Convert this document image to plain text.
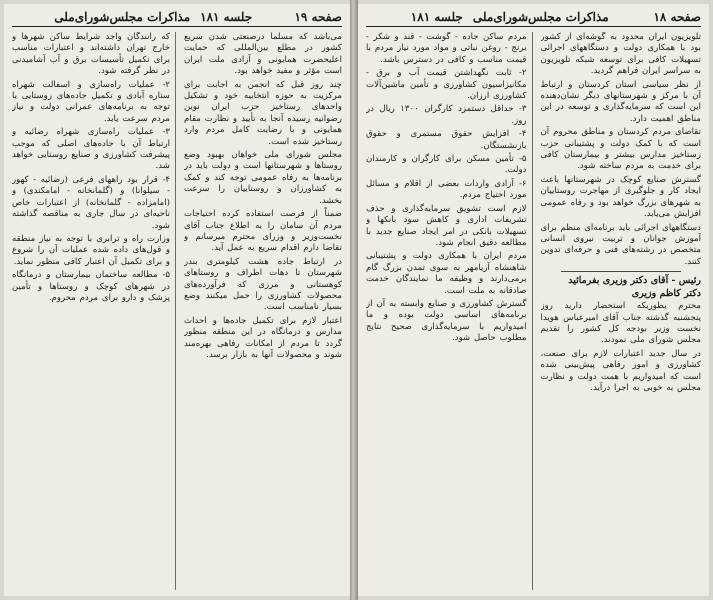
صفحه ۱۹
جلسه ۱۸۱
مذاکرات مجلس‌شورای‌ملی

می‌باشد که مسلماً درصنعتی شدن سریع کشور در مطلع بین‌المللی که حمایت اعلیحضرت همایونی و آزادی ملت ایران است مؤثر و مفید خواهد بود.

چند روز قبل که انجمن به اجابت برای مرکزیت به حوزه انتخابیه خود و تشکیل واحدهای رستاخیز حزب ایران نوین رضوانیه رسیده آنجا به تأیید و نظارت مقام همایونی و با رضایت کامل مردم وارد رستاخیز شده است.

مجلس شورای ملی خواهان بهبود وضع روستاها و شهرستانها است و دولت باید در برنامه‌ها به رفاه عمومی توجه کند و کمک به کشاورزان و روستاییان را سرعت بخشد.

ضمناً از فرصت استفاده کرده احتیاجات مردم آن سامان را به اطلاع جناب آقای نخست‌وزیر و وزرای محترم میرسانم و تقاضا دارم اقدام سریع به عمل آید.

در ارتباط جاده هشت کیلومتری بندر شهرستان تا دهات اطراف و روستاهای کوهستانی و مرزی که فرآورده‌های محصولات کشاورزی را حمل میکنند وضع بسیار نامناسب است.

اعتبار لازم برای تکمیل جاده‌ها و احداث مدارس و درمانگاه در این منطقه منظور گردد تا مردم از امکانات رفاهی بهره‌مند شوند و محصولات آنها به بازار برسد.

که رانندگان واجد شرایط ساکن شهرها و خارج تهران داشته‌اند و اعتبارات مناسب برای تکمیل تأسیسات برق و آب آشامیدنی در نظر گرفته شود.

۲- عملیات راه‌سازی و اسفالت شهراه ستاره آبادی و تکمیل جاده‌های روستایی با توجه به برنامه‌های عمرانی دولت و نیاز مردم سرعت یابد.

۳- عملیات راه‌سازی شهراه رضائیه و ارتباط آن با جاده‌های اصلی که موجب پیشرفت کشاورزی و صنایع روستایی خواهد شد.

۴- قرار بود راههای فرعی (رضائیه - کهور - سیلوانا) و (گلمانخانه - امامکندی) و (امامزاده - گلمانخانه) از اعتبارات خاص ناحیه‌ای در سال جاری به مناقصه گذاشته شود.

وزارت راه و ترابری با توجه به نیاز منطقه و قول‌های داده شده عملیات آن را شروع و برای تکمیل آن اعتبار کافی منظور نماید.

۵- مطالعه ساختمان بیمارستان و درمانگاه در شهرهای کوچک و روستاها و تأمین پزشک و دارو برای مردم محروم.

صفحه ۱۸
مذاکرات مجلس‌شورای‌ملی
جلسه ۱۸۱

تلویزیون ایران محدود به گوشه‌ای از کشور بود با همکاری دولت و دستگاههای اجرائی تسهیلات کافی برای توسعه شبکه تلویزیون به سراسر ایران فراهم گردید.

از نظر سیاسی استان کردستان و ارتباط آن با مرکز و شهرستانهای دیگر نشان‌دهنده این است که سرمایه‌گذاری و توسعه در این مناطق اهمیت دارد.

تقاضای مردم کردستان و مناطق محروم آن است که با کمک دولت و پشتیبانی حزب رستاخیز مدارس بیشتر و بیمارستان کافی برای خدمت به مردم ساخته شود.

گسترش صنایع کوچک در شهرستانها باعث ایجاد کار و جلوگیری از مهاجرت روستاییان به شهرهای بزرگ خواهد بود و رفاه عمومی افزایش می‌یابد.

دستگاههای اجرائی باید برنامه‌ای منظم برای آموزش جوانان و تربیت نیروی انسانی متخصص در رشته‌های فنی و حرفه‌ای تدوین کنند.

رئیس - آقای دکتر وزیری بفرمائید

دکتر کاظم وزیری

محترم بطوریکه استحضار دارید روز پنجشنبه گذشته جناب آقای امیرعباس هویدا نخست وزیر بودجه کل کشور را تقدیم مجلس شورای ملی نمودند.

در سال جدید اعتبارات لازم برای صنعت، کشاورزی و امور رفاهی پیش‌بینی شده است که امیدواریم با همت دولت و نظارت مجلس به خوبی به اجرا درآید.

مردم ساکن جاده - گوشت - قند و شکر - برنج - روغن نباتی و مواد مورد نیاز مردم با قیمت مناسب و کافی در دسترس باشد.

۲- ثابت نگهداشتن قیمت آب و برق - مکانیزاسیون کشاورزی و تأمین ماشین‌آلات کشاورزی ارزان.

۳- حداقل دستمزد کارگران ۱۳۰۰ ریال در روز.

۴- افزایش حقوق مستمری و حقوق بازنشستگان.

۵- تأمین مسکن برای کارگران و کارمندان دولت.

۶- آزادی واردات بعضی از اقلام و مسائل مورد احتیاج مردم.

لازم است تشویق سرمایه‌گذاری و حذف تشریفات اداری و کاهش سود بانکها و تسهیلات بانکی در امر ایجاد صنایع جدید با مطالعه دقیق انجام شود.

مردم ایران با همکاری دولت و پشتیبانی شاهنشاه آریامهر به سوی تمدن بزرگ گام برمی‌دارند و وظیفه ما نمایندگان خدمت صادقانه به ملت است.

گسترش کشاورزی و صنایع وابسته به آن از برنامه‌های اساسی دولت بوده و ما امیدواریم با سرمایه‌گذاری صحیح نتایج مطلوب حاصل شود.
